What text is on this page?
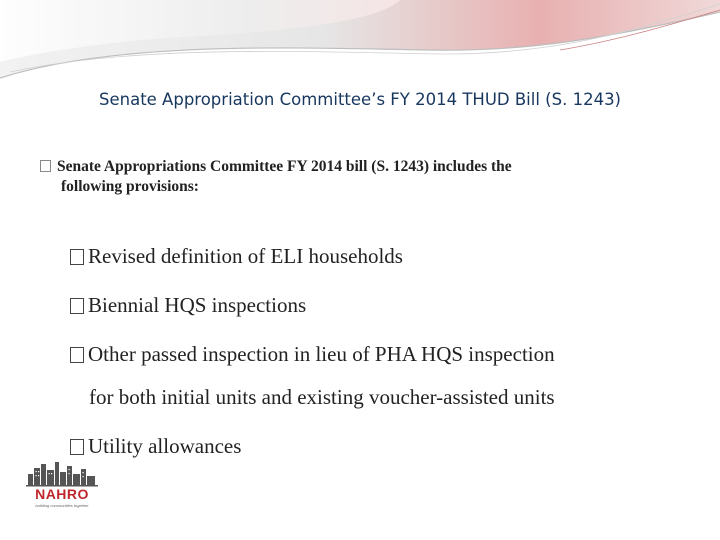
Senate Appropriation Committee’s FY 2014 THUD Bill (S. 1243)
Senate Appropriations Committee FY 2014 bill (S. 1243) includes the
following provisions:
Revised definition of ELI households
Biennial HQS inspections
Other passed inspection in lieu of PHA HQS inspection
for both initial units and existing voucher-assisted units
Utility allowances
NAHRO
building communities together
